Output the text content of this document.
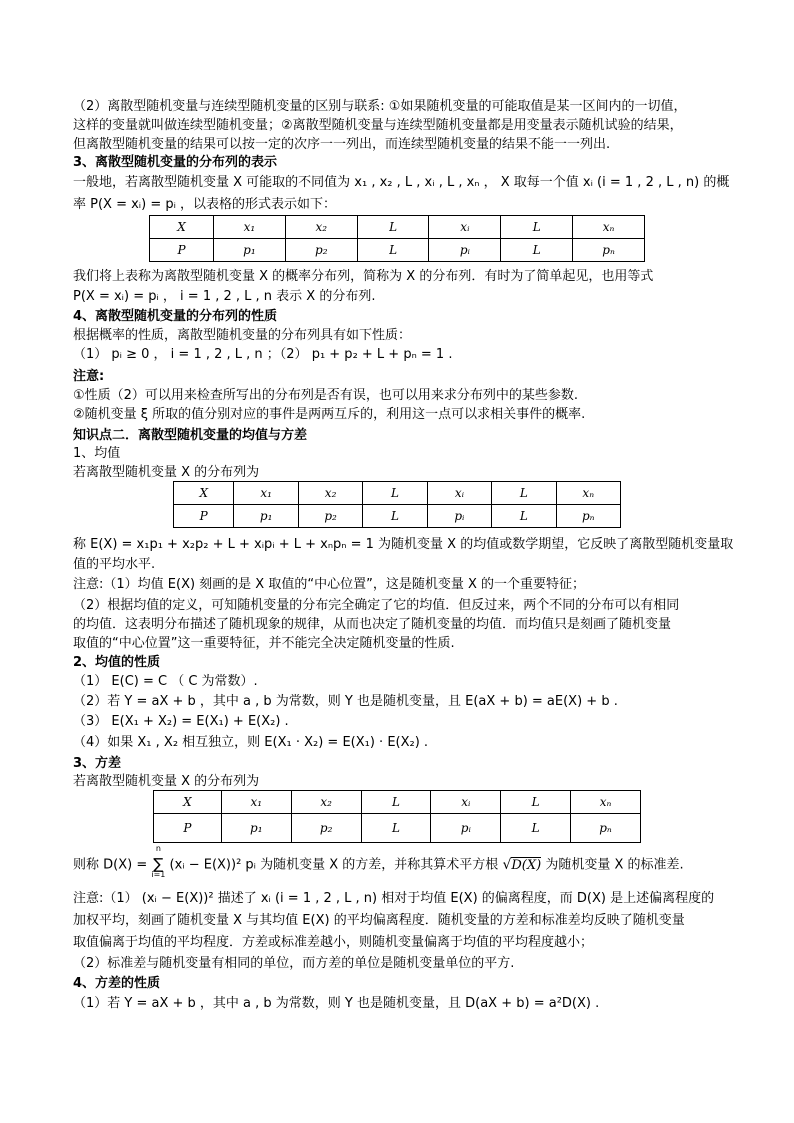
（2）离散型随机变量与连续型随机变量的区别与联系: ①如果随机变量的可能取值是某一区间内的一切值，
这样的变量就叫做连续型随机变量；②离散型随机变量与连续型随机变量都是用变量表示随机试验的结果，
但离散型随机变量的结果可以按一定的次序一一列出，而连续型随机变量的结果不能一一列出.
3、离散型随机变量的分布列的表示
一般地，若离散型随机变量 X 可能取的不同值为 x₁ , x₂ , L , xᵢ , L , xₙ ， X 取每一个值 xᵢ (i = 1 , 2 , L , n) 的概
率 P(X = xᵢ) = pᵢ ，以表格的形式表示如下：
X	x₁	x₂	L	xᵢ	L	xₙ
P	p₁	p₂	L	pᵢ	L	pₙ
我们将上表称为离散型随机变量 X 的概率分布列，简称为 X 的分布列．有时为了简单起见，也用等式
P(X = xᵢ) = pᵢ ， i = 1 , 2 , L , n 表示 X 的分布列.
4、离散型随机变量的分布列的性质
根据概率的性质，离散型随机变量的分布列具有如下性质：
（1） pᵢ ≥ 0 ， i = 1 , 2 , L , n ；（2） p₁ + p₂ + L + pₙ = 1 .
注意:
①性质（2）可以用来检查所写出的分布列是否有误，也可以用来求分布列中的某些参数.
②随机变量 ξ 所取的值分别对应的事件是两两互斥的，利用这一点可以求相关事件的概率.
知识点二．离散型随机变量的均值与方差
1、均值
若离散型随机变量 X 的分布列为
X	x₁	x₂	L	xᵢ	L	xₙ
P	p₁	p₂	L	pᵢ	L	pₙ
称 E(X) = x₁p₁ + x₂p₂ + L + xᵢpᵢ + L + xₙpₙ = 1 为随机变量 X 的均值或数学期望，它反映了离散型随机变量取
值的平均水平.
注意:（1）均值 E(X) 刻画的是 X 取值的“中心位置”，这是随机变量 X 的一个重要特征；
（2）根据均值的定义，可知随机变量的分布完全确定了它的均值．但反过来，两个不同的分布可以有相同
的均值．这表明分布描述了随机现象的规律，从而也决定了随机变量的均值．而均值只是刻画了随机变量
取值的“中心位置”这一重要特征，并不能完全决定随机变量的性质.
2、均值的性质
（1） E(C) = C （ C 为常数）.
（2）若 Y = aX + b ，其中 a , b 为常数，则 Y 也是随机变量，且 E(aX + b) = aE(X) + b .
（3） E(X₁ + X₂) = E(X₁) + E(X₂) .
（4）如果 X₁ , X₂ 相互独立，则 E(X₁ · X₂) = E(X₁) · E(X₂) .
3、方差
若离散型随机变量 X 的分布列为
X	x₁	x₂	L	xᵢ	L	xₙ
P	p₁	p₂	L	pᵢ	L	pₙ
则称 D(X) =
n
∑
i=1
(xᵢ − E(X))² pᵢ 为随机变量 X 的方差，并称其算术平方根 √D(X) 为随机变量 X 的标准差.
注意:（1） (xᵢ − E(X))² 描述了 xᵢ (i = 1 , 2 , L , n) 相对于均值 E(X) 的偏离程度，而 D(X) 是上述偏离程度的
加权平均，刻画了随机变量 X 与其均值 E(X) 的平均偏离程度．随机变量的方差和标准差均反映了随机变量
取值偏离于均值的平均程度．方差或标准差越小，则随机变量偏离于均值的平均程度越小；
（2）标准差与随机变量有相同的单位，而方差的单位是随机变量单位的平方.
4、方差的性质
（1）若 Y = aX + b ，其中 a , b 为常数，则 Y 也是随机变量，且 D(aX + b) = a²D(X) .
